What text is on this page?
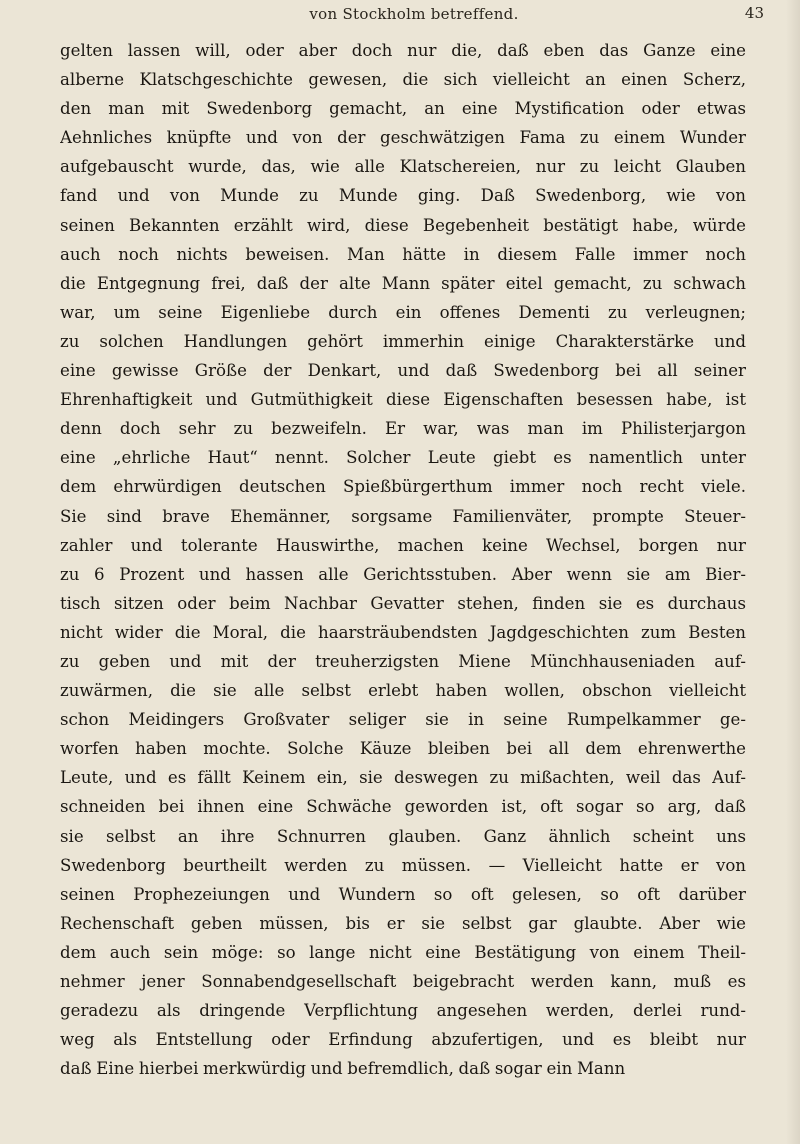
von Stockholm betreffend.	43
gelten lassen will, oder aber doch nur die, daß eben das Ganze eine
alberne Klatschgeschichte gewesen, die sich vielleicht an einen Scherz,
den man mit Swedenborg gemacht, an eine Mystification oder etwas
Aehnliches knüpfte und von der geschwätzigen Fama zu einem Wunder
aufgebauscht wurde, das, wie alle Klatschereien, nur zu leicht Glauben
fand und von Munde zu Munde ging. Daß Swedenborg, wie von
seinen Bekannten erzählt wird, diese Begebenheit bestätigt habe, würde
auch noch nichts beweisen. Man hätte in diesem Falle immer noch
die Entgegnung frei, daß der alte Mann später eitel gemacht, zu schwach
war, um seine Eigenliebe durch ein offenes Dementi zu verleugnen;
zu solchen Handlungen gehört immerhin einige Charakterstärke und
eine gewisse Größe der Denkart, und daß Swedenborg bei all seiner
Ehrenhaftigkeit und Gutmüthigkeit diese Eigenschaften besessen habe, ist
denn doch sehr zu bezweifeln. Er war, was man im Philisterjargon
eine „ehrliche Haut“ nennt. Solcher Leute giebt es namentlich unter
dem ehrwürdigen deutschen Spießbürgerthum immer noch recht viele.
Sie sind brave Ehemänner, sorgsame Familienväter, prompte Steuer-
zahler und tolerante Hauswirthe, machen keine Wechsel, borgen nur
zu 6 Prozent und hassen alle Gerichtsstuben. Aber wenn sie am Bier-
tisch sitzen oder beim Nachbar Gevatter stehen, finden sie es durchaus
nicht wider die Moral, die haarsträubendsten Jagdgeschichten zum Besten
zu geben und mit der treuherzigsten Miene Münchhauseniaden auf-
zuwärmen, die sie alle selbst erlebt haben wollen, obschon vielleicht
schon Meidingers Großvater seliger sie in seine Rumpelkammer ge-
worfen haben mochte. Solche Käuze bleiben bei all dem ehrenwerthe
Leute, und es fällt Keinem ein, sie deswegen zu mißachten, weil das Auf-
schneiden bei ihnen eine Schwäche geworden ist, oft sogar so arg, daß
sie selbst an ihre Schnurren glauben. Ganz ähnlich scheint uns
Swedenborg beurtheilt werden zu müssen. — Vielleicht hatte er von
seinen Prophezeiungen und Wundern so oft gelesen, so oft darüber
Rechenschaft geben müssen, bis er sie selbst gar glaubte. Aber wie
dem auch sein möge: so lange nicht eine Bestätigung von einem Theil-
nehmer jener Sonnabendgesellschaft beigebracht werden kann, muß es
geradezu als dringende Verpflichtung angesehen werden, derlei rund-
weg als Entstellung oder Erfindung abzufertigen, und es bleibt nur
daß Eine hierbei merkwürdig und befremdlich, daß sogar ein Mann
